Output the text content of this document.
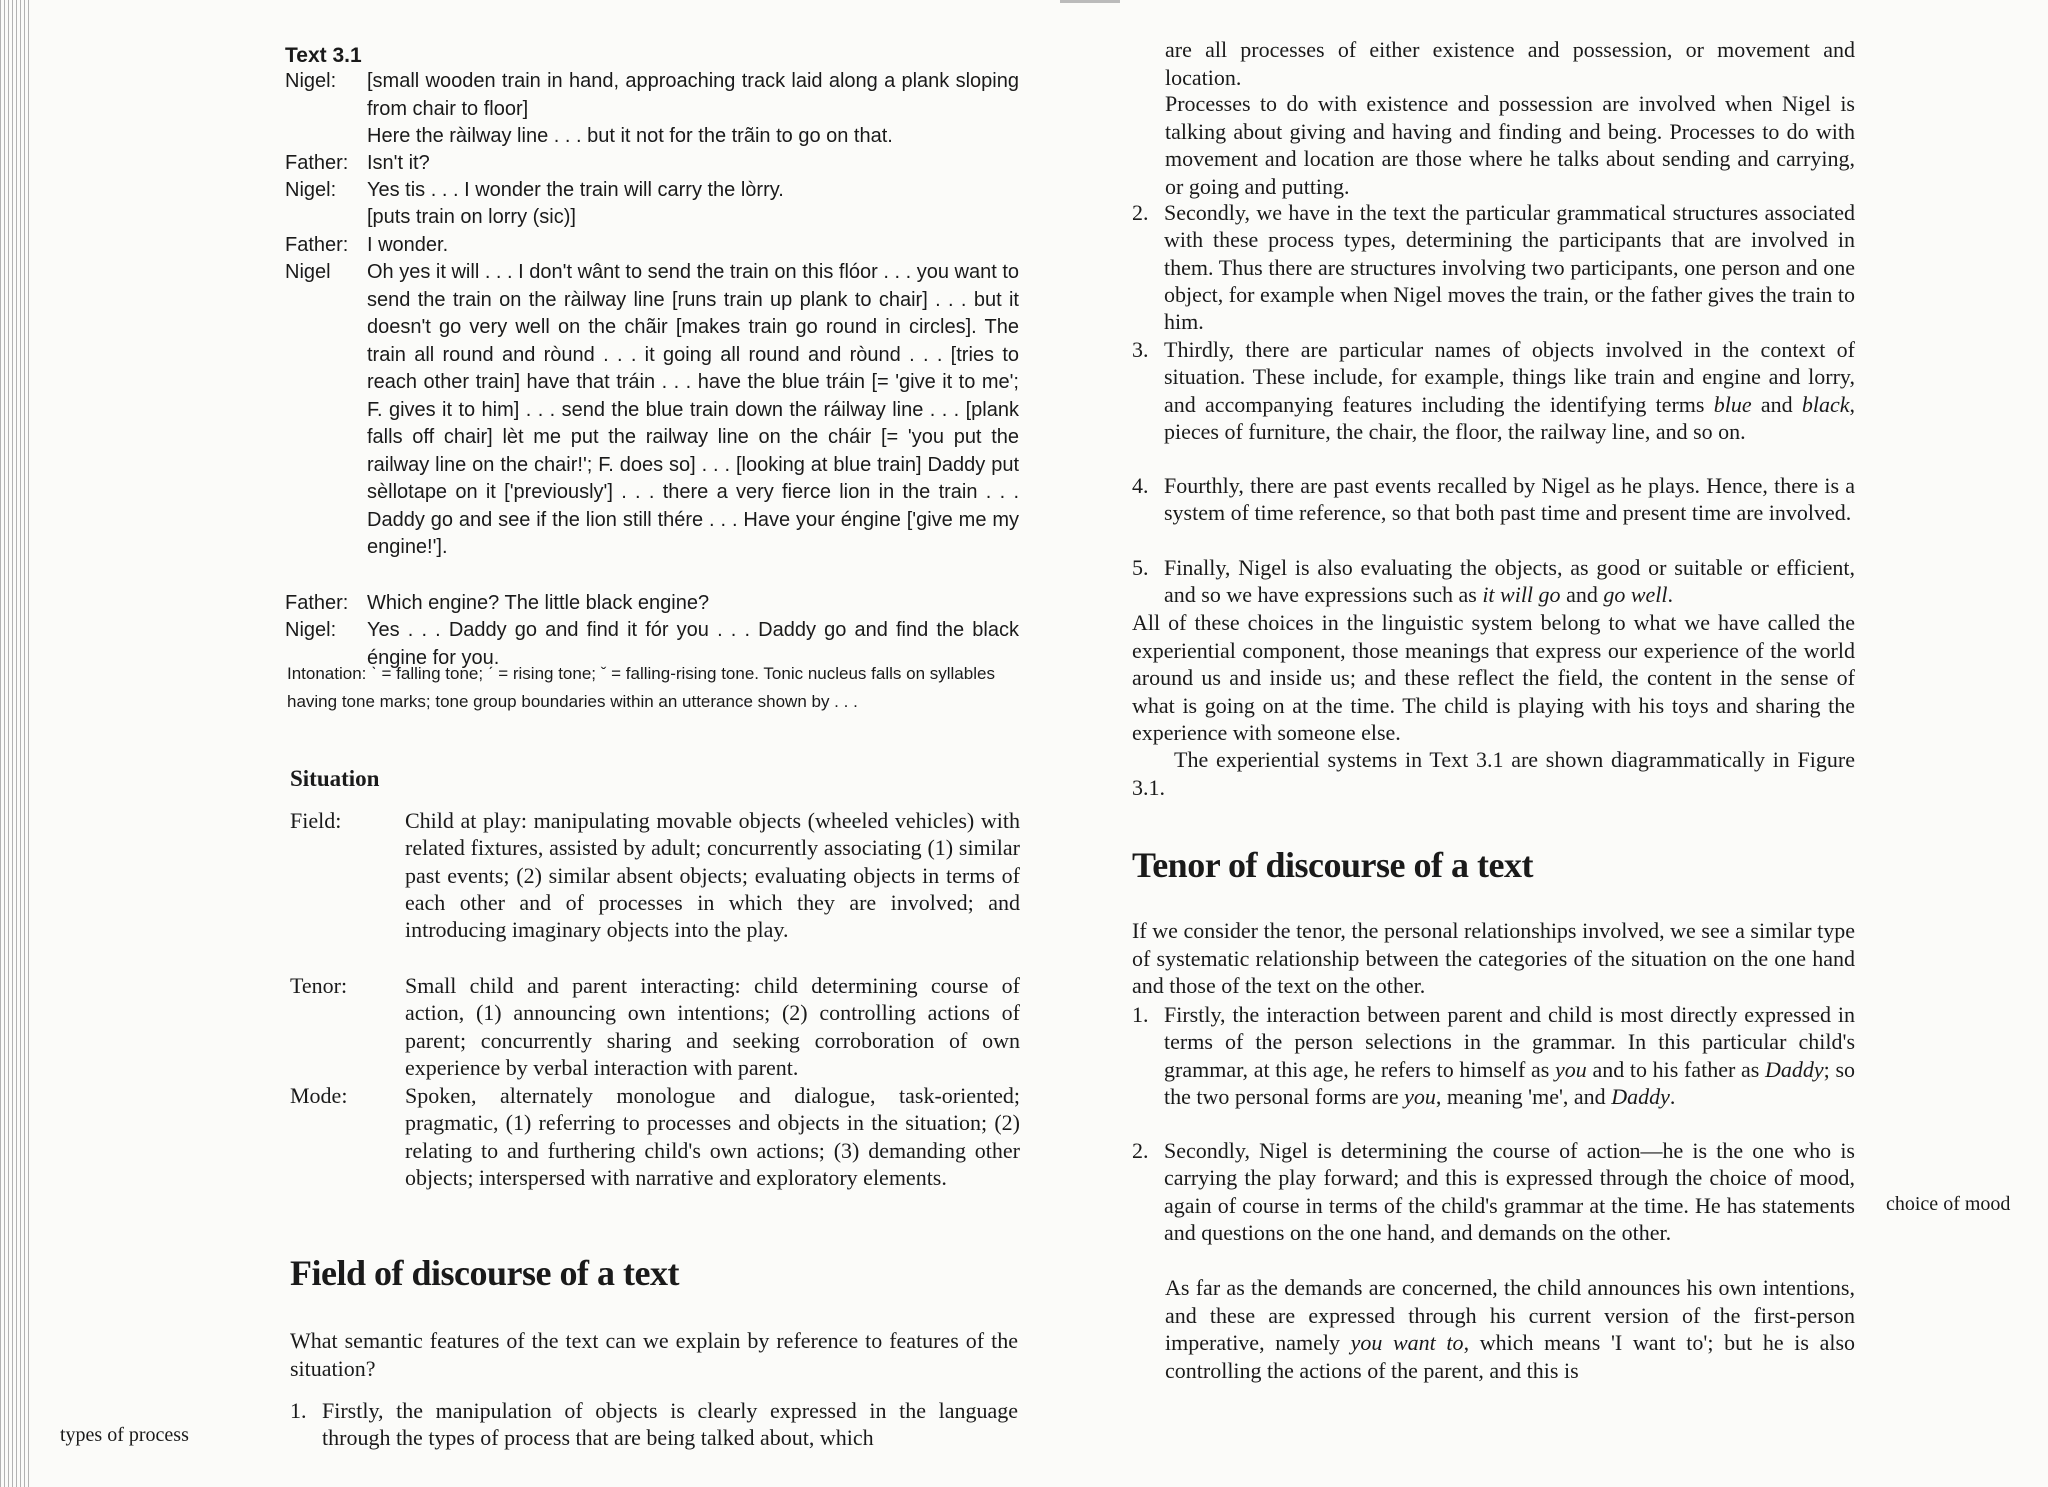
Text 3.1
Nigel:	[small wooden train in hand, approaching track laid along a plank sloping from chair to floor]
Here the ràilway line . . . but it not for the trãin to go on that.
Father: Isn't it?
Nigel:	Yes tis . . . I wonder the train will carry the lòrry.
[puts train on lorry (sic)]
Father: I wonder.
Nigel	Oh yes it will . . . I don't wânt to send the train on this flóor . . . you want to send the train on the ràilway line [runs train up plank to chair] . . . but it doesn't go very well on the chãir [makes train go round in circles]. The train all round and ròund . . . it going all round and ròund . . . [tries to reach other train] have that tráin . . . have the blue tráin [= 'give it to me'; F. gives it to him] . . . send the blue train down the ráilway line . . . [plank falls off chair] lèt me put the railway line on the cháir [= 'you put the railway line on the chair!'; F. does so] . . . [looking at blue train] Daddy put sèllotape on it ['previously'] . . . there a very fierce lion in the train . . . Daddy go and see if the lion still thére . . . Have your éngine ['give me my engine!'].
Father: Which engine? The little black engine?
Nigel:	Yes . . . Daddy go and find it fór you . . . Daddy go and find the black éngine for you.
Intonation: ˋ = falling tone; ˊ = rising tone; ˇ = falling-rising tone. Tonic nucleus falls on syllables having tone marks; tone group boundaries within an utterance shown by . . .
Situation
Field:	Child at play: manipulating movable objects (wheeled vehicles) with related fixtures, assisted by adult; concurrently associating (1) similar past events; (2) similar absent objects; evaluating objects in terms of each other and of processes in which they are involved; and introducing imaginary objects into the play.
Tenor:	Small child and parent interacting: child determining course of action, (1) announcing own intentions; (2) controlling actions of parent; concurrently sharing and seeking corroboration of own experience by verbal interaction with parent.
Mode:	Spoken, alternately monologue and dialogue, task-oriented; pragmatic, (1) referring to processes and objects in the situation; (2) relating to and furthering child's own actions; (3) demanding other objects; interspersed with narrative and exploratory elements.
Field of discourse of a text
What semantic features of the text can we explain by reference to features of the situation?
1. Firstly, the manipulation of objects is clearly expressed in the language through the types of process that are being talked about, which
are all processes of either existence and possession, or movement and location.
Processes to do with existence and possession are involved when Nigel is talking about giving and having and finding and being. Processes to do with movement and location are those where he talks about sending and carrying, or going and putting.
2. Secondly, we have in the text the particular grammatical structures associated with these process types, determining the participants that are involved in them. Thus there are structures involving two participants, one person and one object, for example when Nigel moves the train, or the father gives the train to him.
3. Thirdly, there are particular names of objects involved in the context of situation. These include, for example, things like train and engine and lorry, and accompanying features including the identifying terms blue and black, pieces of furniture, the chair, the floor, the railway line, and so on.
4. Fourthly, there are past events recalled by Nigel as he plays. Hence, there is a system of time reference, so that both past time and present time are involved.
5. Finally, Nigel is also evaluating the objects, as good or suitable or efficient, and so we have expressions such as it will go and go well.
All of these choices in the linguistic system belong to what we have called the experiential component, those meanings that express our experience of the world around us and inside us; and these reflect the field, the content in the sense of what is going on at the time. The child is playing with his toys and sharing the experience with someone else.
The experiential systems in Text 3.1 are shown diagrammatically in Figure 3.1.
Tenor of discourse of a text
If we consider the tenor, the personal relationships involved, we see a similar type of systematic relationship between the categories of the situation on the one hand and those of the text on the other.
1. Firstly, the interaction between parent and child is most directly expressed in terms of the person selections in the grammar. In this particular child's grammar, at this age, he refers to himself as you and to his father as Daddy; so the two personal forms are you, meaning 'me', and Daddy.
2. Secondly, Nigel is determining the course of action—he is the one who is carrying the play forward; and this is expressed through the choice of mood, again of course in terms of the child's grammar at the time. He has statements and questions on the one hand, and demands on the other.
As far as the demands are concerned, the child announces his own intentions, and these are expressed through his current version of the first-person imperative, namely you want to, which means 'I want to'; but he is also controlling the actions of the parent, and this is
types of process
choice of mood
